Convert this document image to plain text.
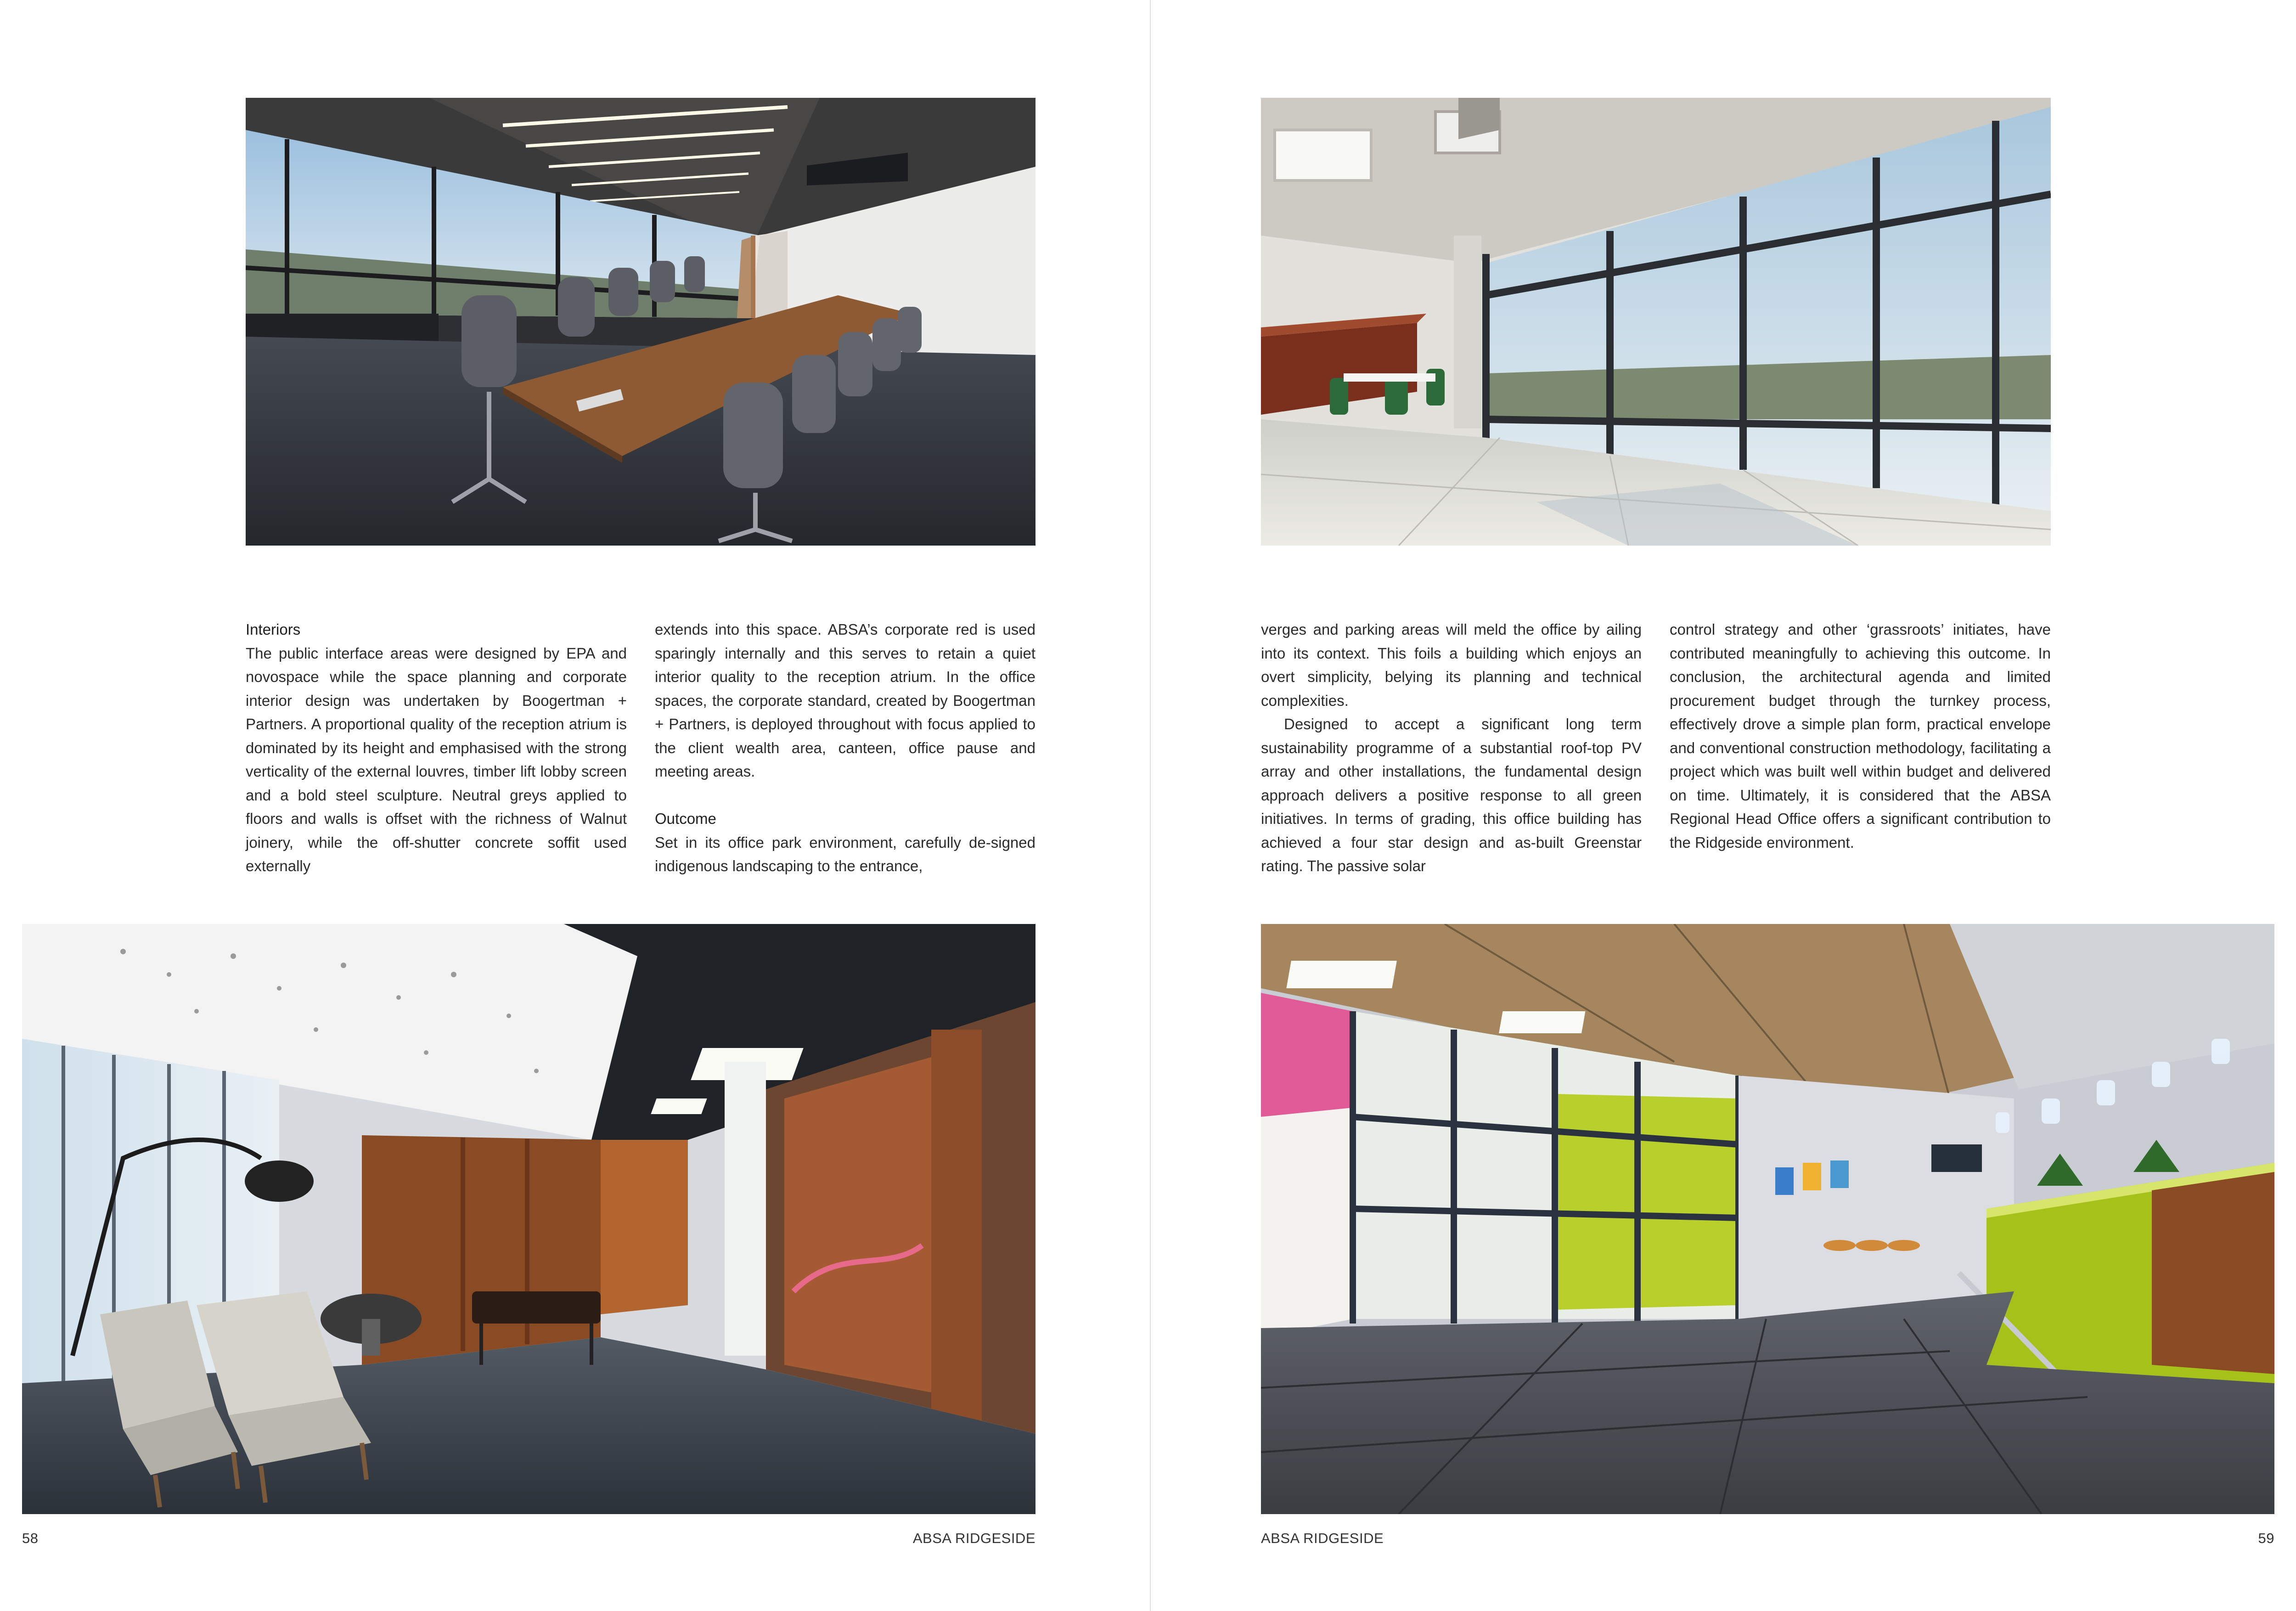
Interiors

The public interface areas were designed by EPA and novospace while the space planning and corporate interior design was undertaken by Boogertman + Partners. A proportional quality of the reception atrium is dominated by its height and emphasised with the strong verticality of the external louvres, timber lift lobby screen and a bold steel sculpture. Neutral greys applied to floors and walls is offset with the richness of Walnut joinery, while the off-shutter concrete soffit used externally

extends into this space. ABSA’s corporate red is used sparingly internally and this serves to retain a quiet interior quality to the reception atrium. In the office spaces, the corporate standard, created by Boogertman + Partners, is deployed throughout with focus applied to the client wealth area, canteen, office pause and meeting areas.

Outcome

Set in its office park environment, carefully de-signed indigenous landscaping to the entrance,

58	ABSA RIDGESIDE

verges and parking areas will meld the office by ailing into its context. This foils a building which enjoys an overt simplicity, belying its planning and technical complexities.

Designed to accept a significant long term sustainability programme of a substantial roof-top PV array and other installations, the fundamental design approach delivers a positive response to all green initiatives. In terms of grading, this office building has achieved a four star design and as-built Greenstar rating. The passive solar

control strategy and other ‘grassroots’ initiates, have contributed meaningfully to achieving this outcome. In conclusion, the architectural agenda and limited procurement budget through the turnkey process, effectively drove a simple plan form, practical envelope and conventional construction methodology, facilitating a project which was built well within budget and delivered on time. Ultimately, it is considered that the ABSA Regional Head Office offers a significant contribution to the Ridgeside environment.

ABSA RIDGESIDE	59
